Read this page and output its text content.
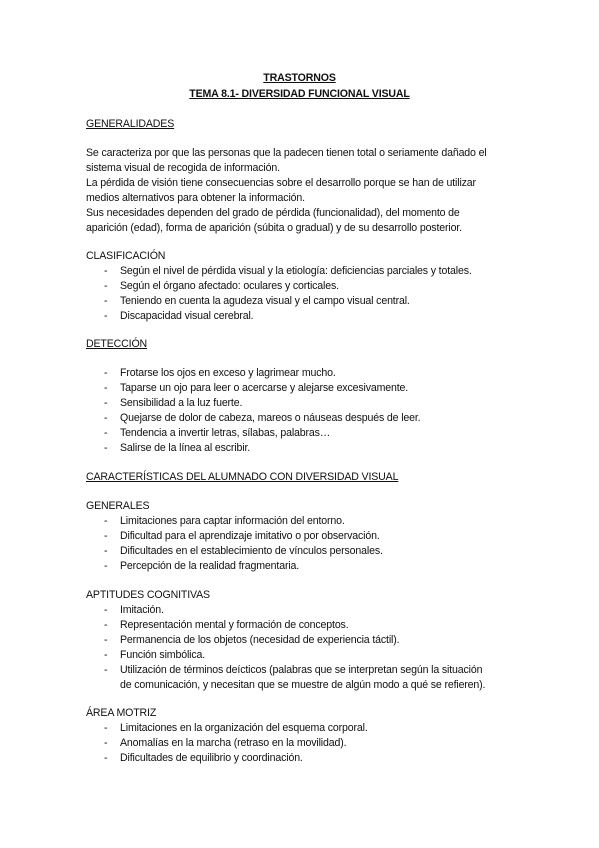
TRASTORNOS
TEMA 8.1- DIVERSIDAD FUNCIONAL VISUAL
GENERALIDADES
Se caracteriza por que las personas que la padecen tienen total o seriamente dañado el
sistema visual de recogida de información.
La pérdida de visión tiene consecuencias sobre el desarrollo porque se han de utilizar
medios alternativos para obtener la información.
Sus necesidades dependen del grado de pérdida (funcionalidad), del momento de
aparición (edad), forma de aparición (súbita o gradual) y de su desarrollo posterior.
CLASIFICACIÓN
- Según el nivel de pérdida visual y la etiología: deficiencias parciales y totales.
- Según el órgano afectado: oculares y corticales.
- Teniendo en cuenta la agudeza visual y el campo visual central.
- Discapacidad visual cerebral.
DETECCIÓN
- Frotarse los ojos en exceso y lagrimear mucho.
- Taparse un ojo para leer o acercarse y alejarse excesivamente.
- Sensibilidad a la luz fuerte.
- Quejarse de dolor de cabeza, mareos o náuseas después de leer.
- Tendencia a invertir letras, sílabas, palabras…
- Salirse de la línea al escribir.
CARACTERÍSTICAS DEL ALUMNADO CON DIVERSIDAD VISUAL
GENERALES
- Limitaciones para captar información del entorno.
- Dificultad para el aprendizaje imitativo o por observación.
- Dificultades en el establecimiento de vínculos personales.
- Percepción de la realidad fragmentaria.
APTITUDES COGNITIVAS
- Imitación.
- Representación mental y formación de conceptos.
- Permanencia de los objetos (necesidad de experiencia táctil).
- Función simbólica.
- Utilización de términos deícticos (palabras que se interpretan según la situación
de comunicación, y necesitan que se muestre de algún modo a qué se refieren).
ÁREA MOTRIZ
- Limitaciones en la organización del esquema corporal.
- Anomalías en la marcha (retraso en la movilidad).
- Dificultades de equilibrio y coordinación.
